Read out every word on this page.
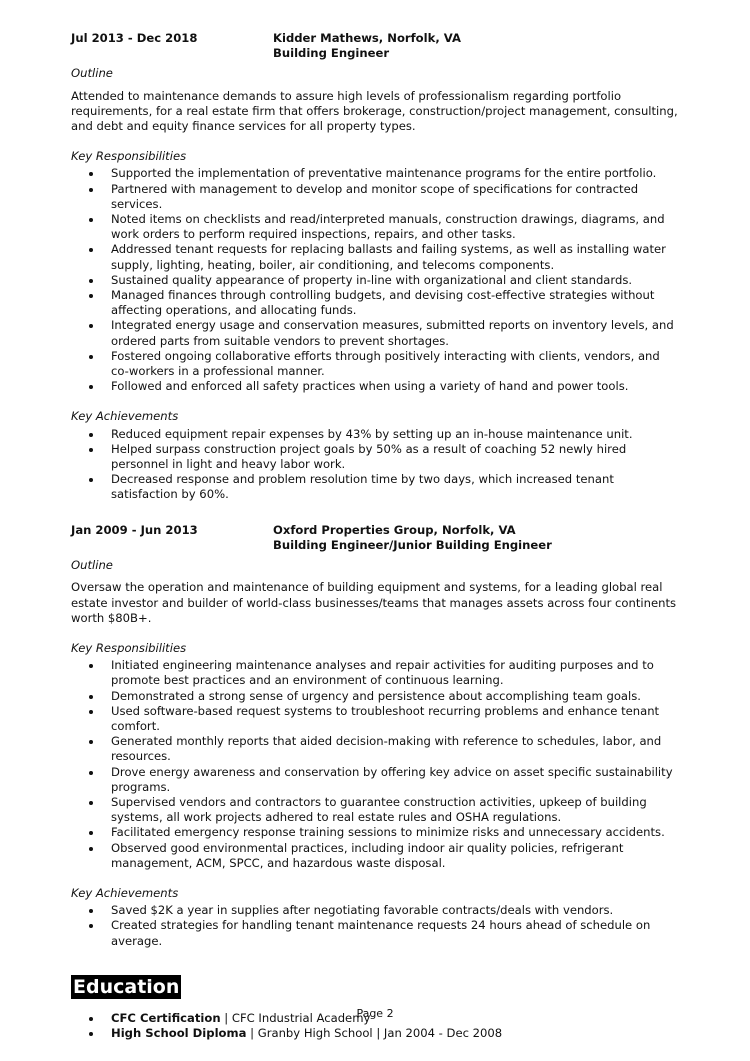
Jul 2013 - Dec 2018	Kidder Mathews, Norfolk, VA
Building Engineer
Outline

Attended to maintenance demands to assure high levels of professionalism regarding portfolio requirements, for a real estate firm that offers brokerage, construction/project management, consulting, and debt and equity finance services for all property types.

Key Responsibilities
Supported the implementation of preventative maintenance programs for the entire portfolio.
Partnered with management to develop and monitor scope of specifications for contracted services.
Noted items on checklists and read/interpreted manuals, construction drawings, diagrams, and work orders to perform required inspections, repairs, and other tasks.
Addressed tenant requests for replacing ballasts and failing systems, as well as installing water supply, lighting, heating, boiler, air conditioning, and telecoms components.
Sustained quality appearance of property in-line with organizational and client standards.
Managed finances through controlling budgets, and devising cost-effective strategies without affecting operations, and allocating funds.
Integrated energy usage and conservation measures, submitted reports on inventory levels, and ordered parts from suitable vendors to prevent shortages.
Fostered ongoing collaborative efforts through positively interacting with clients, vendors, and co-workers in a professional manner.
Followed and enforced all safety practices when using a variety of hand and power tools.
Key Achievements
Reduced equipment repair expenses by 43% by setting up an in-house maintenance unit.
Helped surpass construction project goals by 50% as a result of coaching 52 newly hired personnel in light and heavy labor work.
Decreased response and problem resolution time by two days, which increased tenant satisfaction by 60%.
Jan 2009 - Jun 2013	Oxford Properties Group, Norfolk, VA
Building Engineer/Junior Building Engineer
Outline

Oversaw the operation and maintenance of building equipment and systems, for a leading global real estate investor and builder of world-class businesses/teams that manages assets across four continents worth $80B+.

Key Responsibilities
Initiated engineering maintenance analyses and repair activities for auditing purposes and to promote best practices and an environment of continuous learning.
Demonstrated a strong sense of urgency and persistence about accomplishing team goals.
Used software-based request systems to troubleshoot recurring problems and enhance tenant comfort.
Generated monthly reports that aided decision-making with reference to schedules, labor, and resources.
Drove energy awareness and conservation by offering key advice on asset specific sustainability programs.
Supervised vendors and contractors to guarantee construction activities, upkeep of building systems, all work projects adhered to real estate rules and OSHA regulations.
Facilitated emergency response training sessions to minimize risks and unnecessary accidents.
Observed good environmental practices, including indoor air quality policies, refrigerant management, ACM, SPCC, and hazardous waste disposal.
Key Achievements
Saved $2K a year in supplies after negotiating favorable contracts/deals with vendors.
Created strategies for handling tenant maintenance requests 24 hours ahead of schedule on average.
Education
CFC Certification | CFC Industrial Academy
High School Diploma | Granby High School | Jan 2004 - Dec 2008
Page 2
